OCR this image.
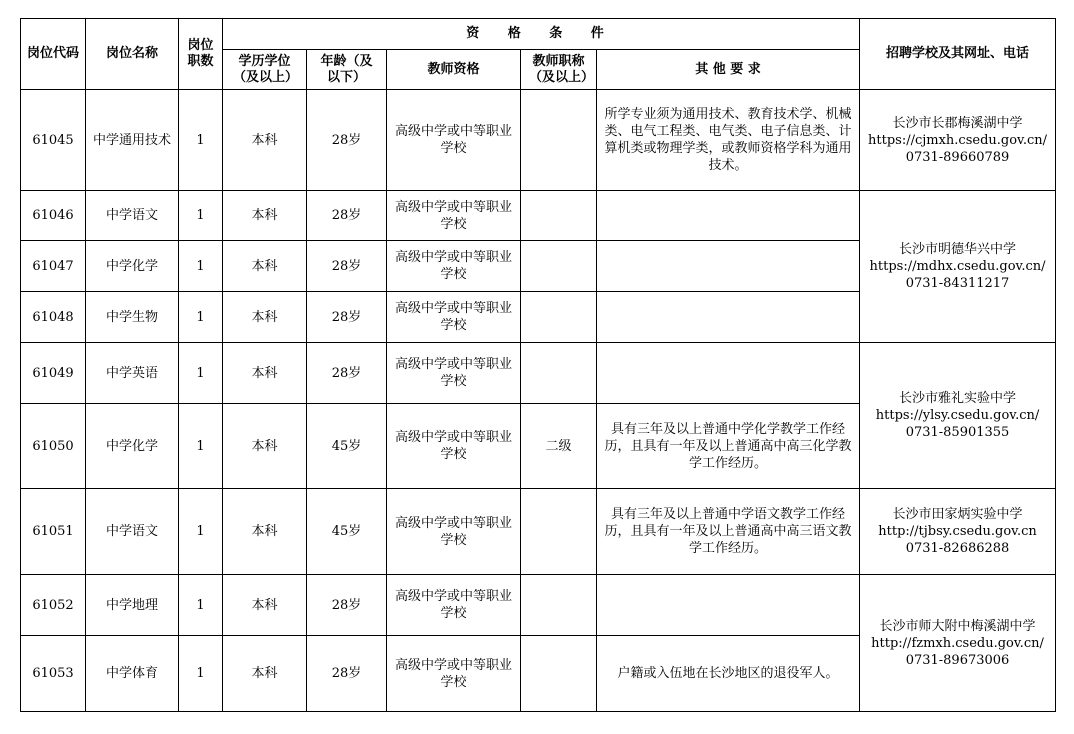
岗位代码	岗位名称	岗位职数	资 格 条 件					招聘学校及其网址、电话
			学历学位（及以上）	年龄（及以下）	教师资格	教师职称（及以上）	其 他 要 求	
61045	中学通用技术	1	本科	28岁	高级中学或中等职业学校		所学专业须为通用技术、教育技术学、机械类、电气工程类、电气类、电子信息类、计算机类或物理学类，或教师资格学科为通用技术。	长沙市长郡梅溪湖中学
https://cjmxh.csedu.gov.cn/
0731-89660789

61046	中学语文	1	本科	28岁	高级中学或中等职业学校			长沙市明德华兴中学
https://mdhx.csedu.gov.cn/
0731-84311217

61047	中学化学	1	本科	28岁	高级中学或中等职业学校			
61048	中学生物	1	本科	28岁	高级中学或中等职业学校			
61049	中学英语	1	本科	28岁	高级中学或中等职业学校			长沙市雅礼实验中学
https://ylsy.csedu.gov.cn/
0731-85901355

61050	中学化学	1	本科	45岁	高级中学或中等职业学校	二级	具有三年及以上普通中学化学教学工作经历，且具有一年及以上普通高中高三化学教学工作经历。	
61051	中学语文	1	本科	45岁	高级中学或中等职业学校		具有三年及以上普通中学语文教学工作经历，且具有一年及以上普通高中高三语文教学工作经历。	长沙市田家炳实验中学
http://tjbsy.csedu.gov.cn
0731-82686288

61052	中学地理	1	本科	28岁	高级中学或中等职业学校			长沙市师大附中梅溪湖中学
http://fzmxh.csedu.gov.cn/
0731-89673006

61053	中学体育	1	本科	28岁	高级中学或中等职业学校		户籍或入伍地在长沙地区的退役军人。	
